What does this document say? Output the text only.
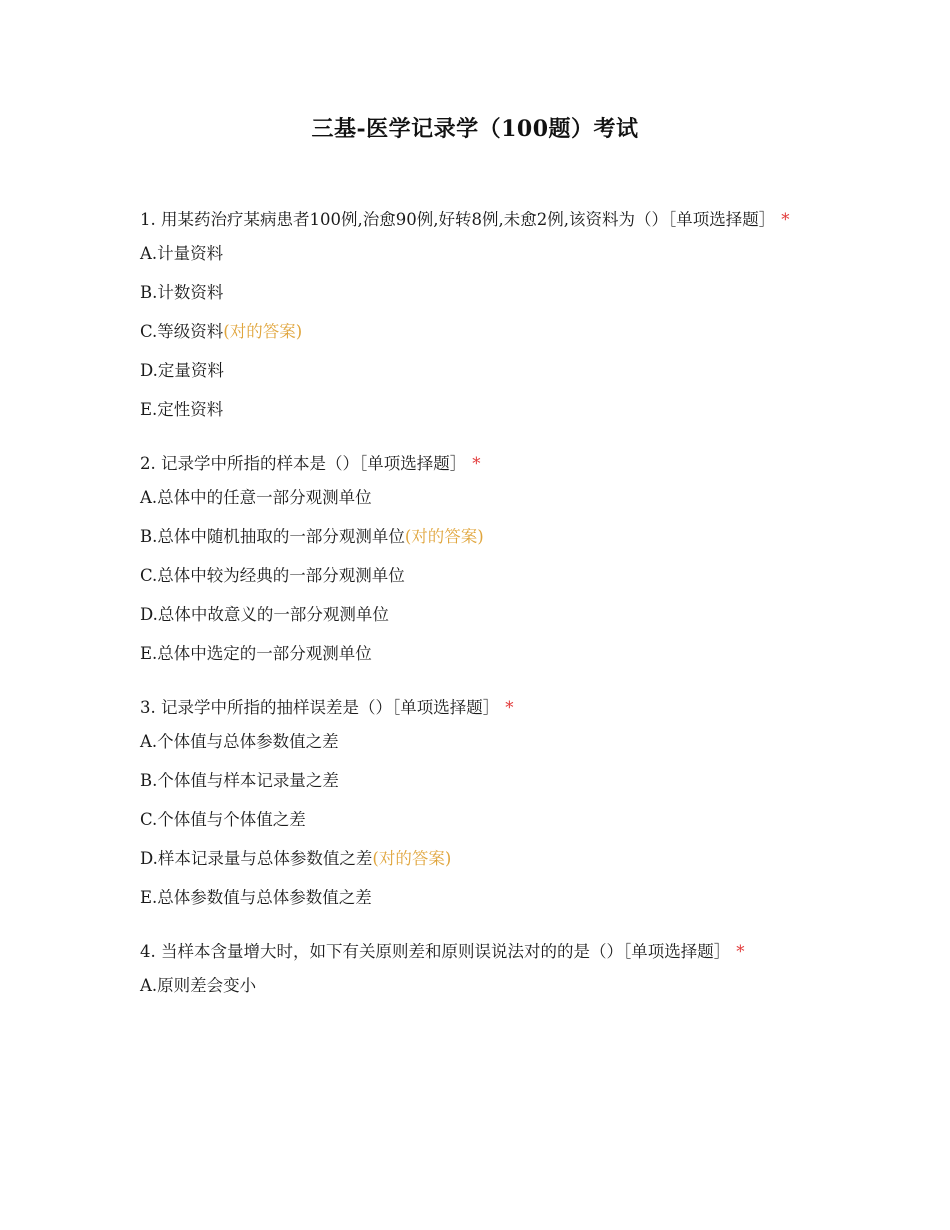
三基-医学记录学（100题）考试
1. 用某药治疗某病患者100例,治愈90例,好转8例,未愈2例,该资料为（）［单项选择题］ *
A.计量资料
B.计数资料
C.等级资料(对的答案)
D.定量资料
E.定性资料
2. 记录学中所指的样本是（）［单项选择题］ *
A.总体中的任意一部分观测单位
B.总体中随机抽取的一部分观测单位(对的答案)
C.总体中较为经典的一部分观测单位
D.总体中故意义的一部分观测单位
E.总体中选定的一部分观测单位
3. 记录学中所指的抽样误差是（）［单项选择题］ *
A.个体值与总体参数值之差
B.个体值与样本记录量之差
C.个体值与个体值之差
D.样本记录量与总体参数值之差(对的答案)
E.总体参数值与总体参数值之差
4. 当样本含量增大时，如下有关原则差和原则误说法对的的是（）［单项选择题］ *
A.原则差会变小
